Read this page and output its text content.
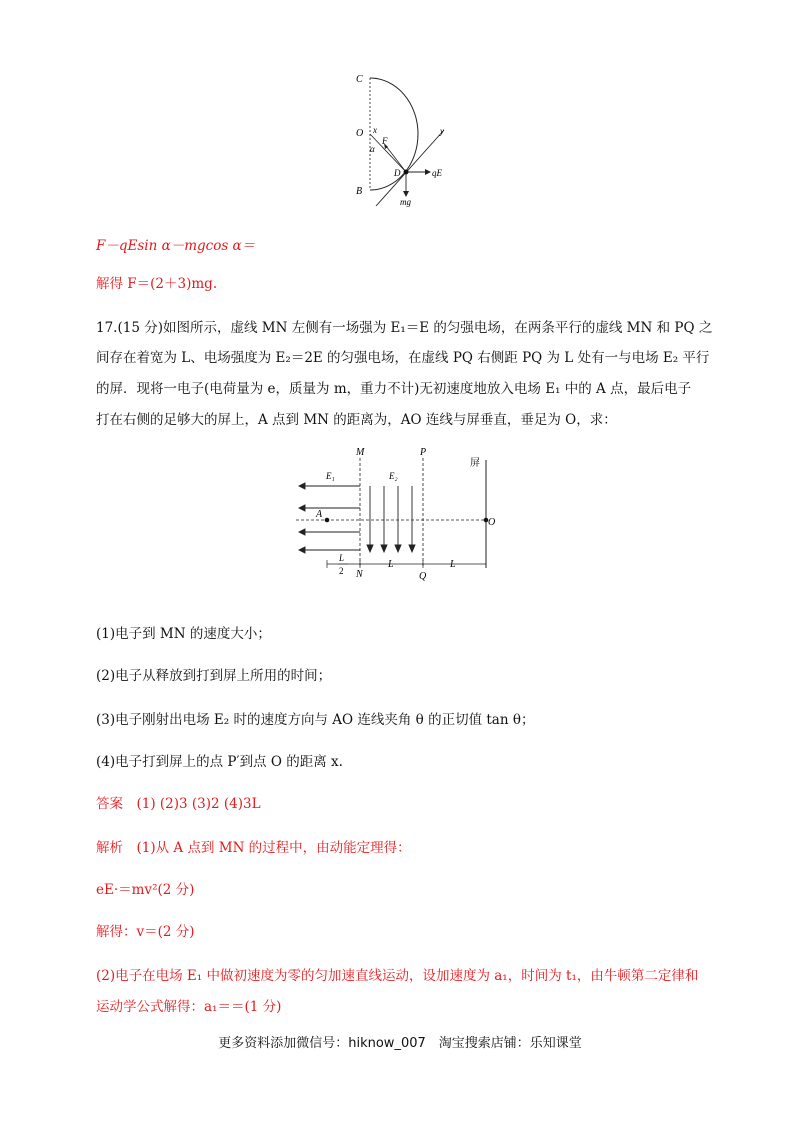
C
O
B
D
x	y
F
α
qE
mg
F－qEsin α－mgcos α＝
解得 F＝(2＋3)mg.
17.(15 分)如图所示，虚线 MN 左侧有一场强为 E₁＝E 的匀强电场，在两条平行的虚线 MN 和 PQ 之
间存在着宽为 L、电场强度为 E₂＝2E 的匀强电场，在虚线 PQ 右侧距 PQ 为 L 处有一与电场 E₂ 平行
的屏．现将一电子(电荷量为 e，质量为 m，重力不计)无初速度地放入电场 E₁ 中的 A 点，最后电子
打在右侧的足够大的屏上，A 点到 MN 的距离为，AO 连线与屏垂直，垂足为 O，求：
M	P
屏
E₁	E₂
A
O
N	Q
L
2
L	L
(1)电子到 MN 的速度大小；
(2)电子从释放到打到屏上所用的时间；
(3)电子刚射出电场 E₂ 时的速度方向与 AO 连线夹角 θ 的正切值 tan θ；
(4)电子打到屏上的点 P′到点 O 的距离 x.
答案　(1) (2)3 (3)2 (4)3L
解析　(1)从 A 点到 MN 的过程中，由动能定理得：
eE·＝mv²(2 分)
解得：v＝(2 分)
(2)电子在电场 E₁ 中做初速度为零的匀加速直线运动，设加速度为 a₁，时间为 t₁，由牛顿第二定律和
运动学公式解得：a₁＝＝(1 分)
更多资料添加微信号：hiknow_007　淘宝搜索店铺：乐知课堂
